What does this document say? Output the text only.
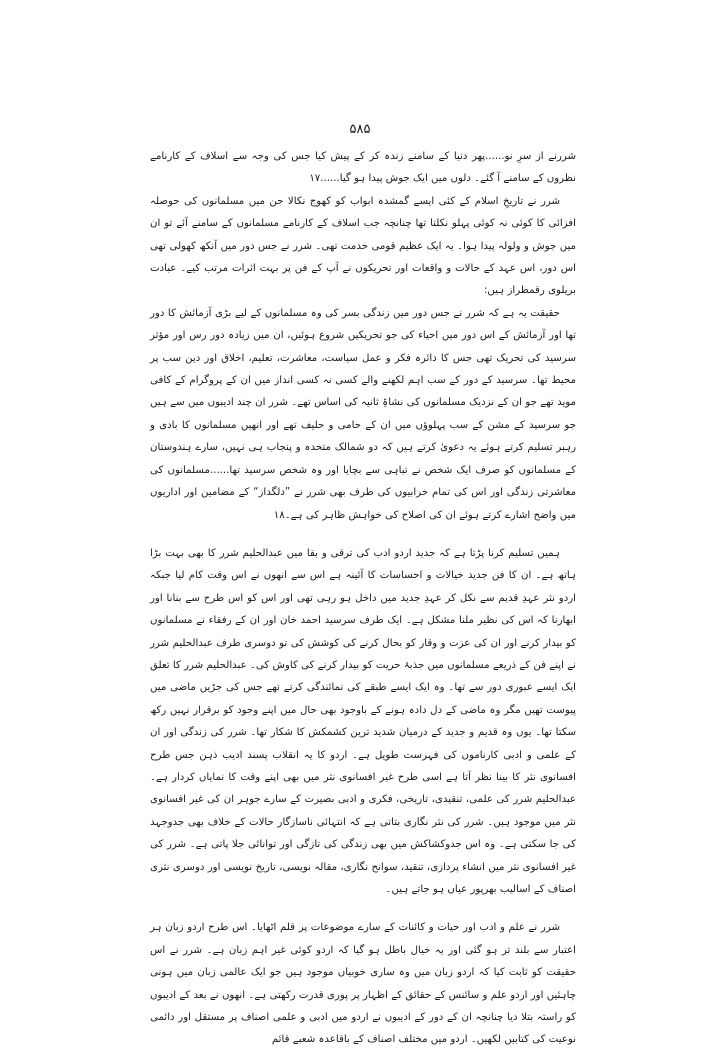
۵۸۵

شررنے از سرِ نو......پھر دنیا کے سامنے زندہ کر کے پیش کیا جس کی وجہ سے اسلاف کے کارنامے نظروں کے سامنے آ گئے۔ دلوں میں ایک جوش پیدا ہو گیا......۱۷

شرر نے تاریخِ اسلام کے کئی ایسے گمشدہ ابواب کو کھوج نکالا جن میں مسلمانوں کی حوصلہ افزائی کا کوئی نہ کوئی پہلو نکلتا تھا چنانچہ جب اسلاف کے کارنامے مسلمانوں کے سامنے آئے تو ان میں جوش و ولولہ پیدا ہوا۔ یہ ایک عظیم قومی خدمت تھی۔ شرر نے جس دور میں آنکھ کھولی تھی اس دور، اس عہد کے حالات و واقعات اور تحریکوں نے آپ کے فن پر بہت اثرات مرتب کیے۔ عبادت بریلوی رقمطراز ہیں:

حقیقت یہ ہے کہ شرر نے جس دور میں زندگی بسر کی وہ مسلمانوں کے لیے بڑی آزمائش کا دور تھا اور آزمائش کے اس دور میں احیاء کی جو تحریکیں شروع ہوئیں، ان میں زیادہ دور رس اور مؤثر سرسید کی تحریک تھی جس کا دائرہ فکر و عمل سیاست، معاشرت، تعلیم، اخلاق اور دین سب پر محیط تھا۔ سرسید کے دور کے سب اہم لکھنے والے کسی نہ کسی انداز میں ان کے پروگرام کے کافی موید تھے جو ان کے نزدیک مسلمانوں کی نشاۃِ ثانیہ کی اساس تھے۔ شرر ان چند ادیبوں میں سے ہیں جو سرسید کے مشن کے سب پہلوؤں میں ان کے حامی و حلیف تھے اور انھیں مسلمانوں کا بادی و رہبر تسلیم کرتے ہوئے یہ دعویٰ کرتے ہیں کہ دو شمالک متحدہ و پنجاب ہی نہیں، سارے ہندوستان کے مسلمانوں کو صرف ایک شخص نے تباہی سے بچایا اور وہ شخص سرسید تھا......مسلمانوں کی معاشرتی زندگی اور اس کی تمام خرابیوں کی طرف بھی شرر نے ”دلگداز“ کے مضامین اور اداریوں میں واضح اشارے کرتے ہوئے ان کی اصلاح کی خواہش ظاہر کی ہے۔۱۸

ہمیں تسلیم کرنا پڑتا ہے کہ جدید اردو ادب کی ترقی و بقا میں عبدالحلیم شرر کا بھی بہت بڑا ہاتھ ہے۔ ان کا فن جدید خیالات و احساسات کا آئینہ ہے اس سے انھوں نے اس وقت کام لیا جبکہ اردو نثر عہدِ قدیم سے نکل کر عہدِ جدید میں داخل ہو رہی تھی اور اس کو اس طرح سے بنانا اور ابھارنا کہ اس کی نظیر ملنا مشکل ہے۔ ایک طرف سرسید احمد خان اور ان کے رفقاء نے مسلمانوں کو بیدار کرنے اور ان کی عزت و وقار کو بحال کرنے کی کوشش کی تو دوسری طرف عبدالحلیم شرر نے اپنے فن کے ذریعے مسلمانوں میں جذبۂ حریت کو بیدار کرنے کی کاوش کی۔ عبدالحلیم شرر کا تعلق ایک ایسے عبوری دور سے تھا۔ وہ ایک ایسے طبقے کی نمائندگی کرتے تھے جس کی جڑیں ماضی میں پیوست تھیں مگر وہ ماضی کے دل دادہ ہونے کے باوجود بھی حال میں اپنے وجود کو برقرار نہیں رکھ سکتا تھا۔ یوں وہ قدیم و جدید کے درمیان شدید ترین کشمکش کا شکار تھا۔ شرر کی زندگی اور ان کے علمی و ادبی کارناموں کی فہرست طویل ہے۔ اردو کا یہ انقلاب پسند ادیب ذہن جس طرح افسانوی نثر کا بینا نظر آتا ہے اسی طرح غیر افسانوی نثر میں بھی اپنے وقت کا نمایاں کردار ہے۔ عبدالحلیم شرر کی علمی، تنقیدی، تاریخی، فکری و ادبی بصیرت کے سارے جوہر ان کی غیر افسانوی نثر میں موجود ہیں۔ شرر کی نثر نگاری بتاتی ہے کہ انتہائی ناسازگار حالات کے خلاف بھی جدوجہد کی جا سکتی ہے۔ وہ اس جدوکشاکش میں بھی زندگی کی تازگی اور توانائی جلا پاتی ہے۔ شرر کی غیر افسانوی نثر میں انشاء پردازی، تنقید، سوانح نگاری، مقالہ نویسی، تاریخ نویسی اور دوسری نثری اصناف کے اسالیب بھرپور عیاں ہو جاتے ہیں۔

شرر نے علم و ادب اور حیات و کائنات کے سارے موضوعات پر قلم اٹھایا۔ اس طرح اردو زبان ہر اعتبار سے بلند تر ہو گئی اور یہ خیال باطل ہو گیا کہ اردو کوئی غیر اہم زبان ہے۔ شرر نے اس حقیقت کو ثابت کیا کہ اردو زبان میں وہ ساری خوبیاں موجود ہیں جو ایک عالمی زبان میں ہونی چاہئیں اور اردو علم و سائنس کے حقائق کے اظہار پر پوری قدرت رکھتی ہے۔ انھوں نے بعد کے ادیبوں کو راستہ بتلا دیا چنانچہ ان کے دور کے ادیبوں نے اردو میں ادبی و علمی اصناف پر مستقل اور دائمی نوعیت کی کتابیں لکھیں۔ اردو میں مختلف اصناف کے باقاعدہ شعبے قائم
